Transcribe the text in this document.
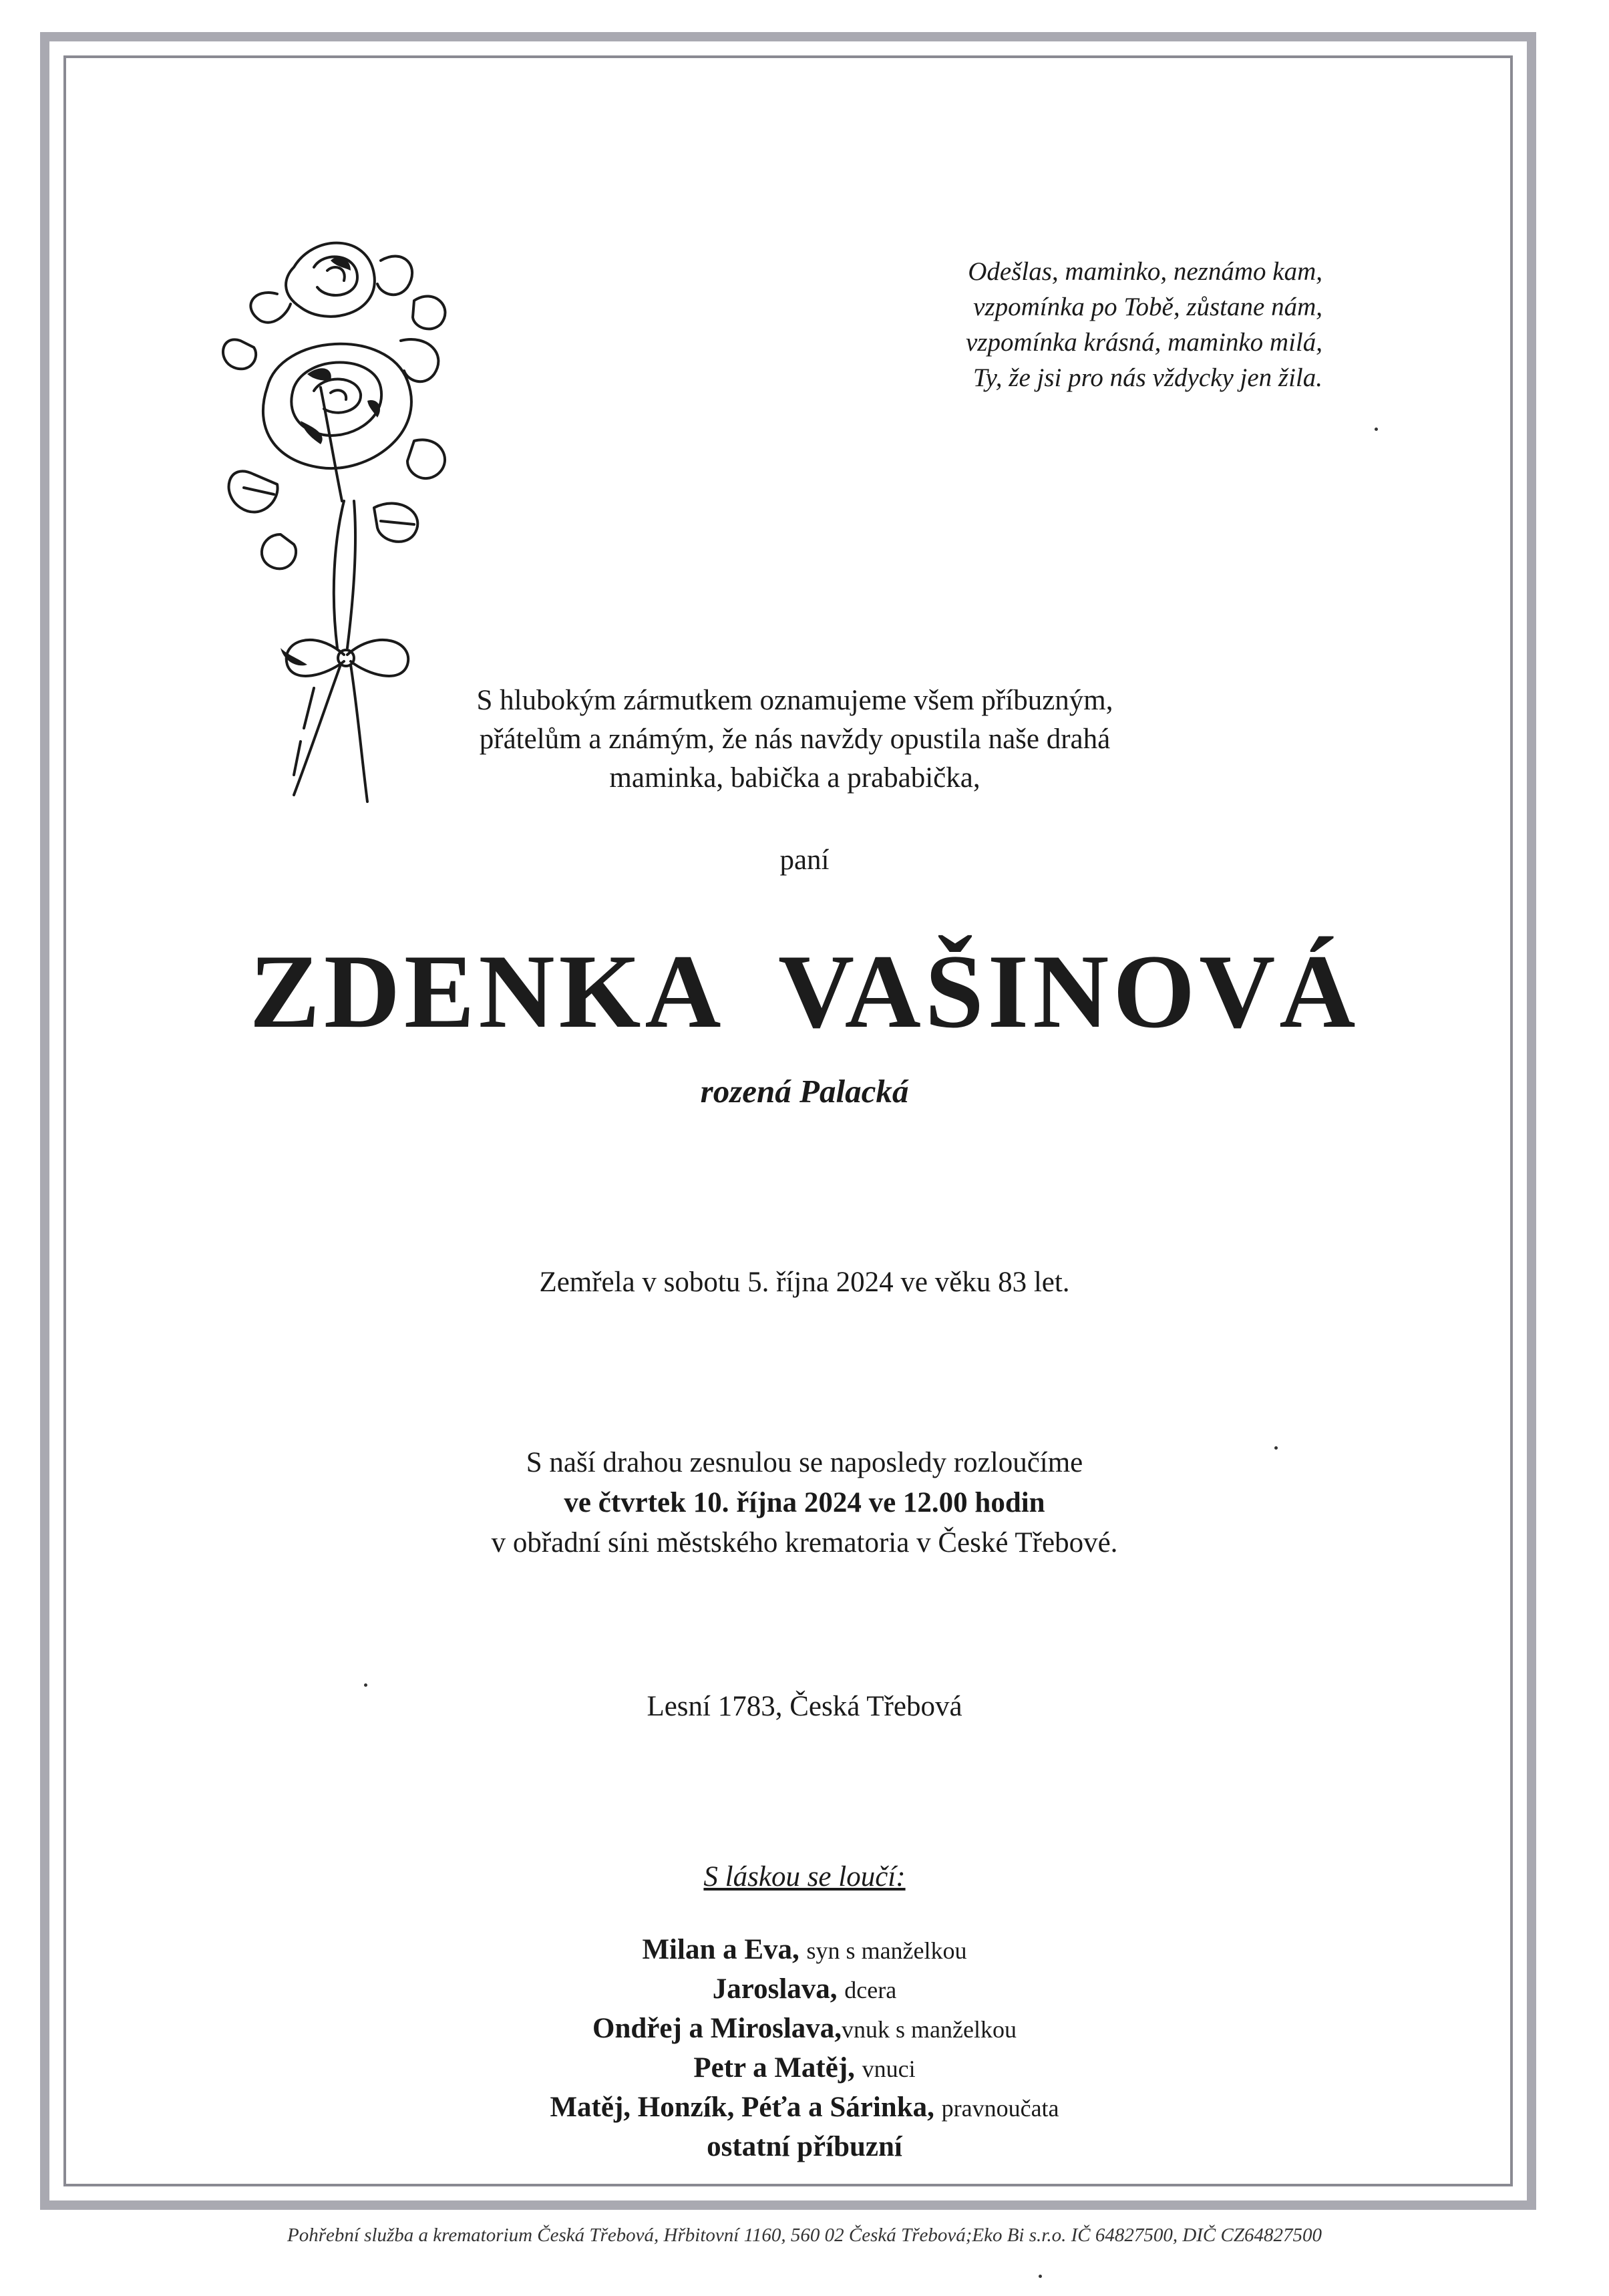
Odešlas, maminko, neznámo kam,
vzpomínka po Tobě, zůstane nám,
vzpomínka krásná, maminko milá,
Ty, že jsi pro nás vždycky jen žila.
S hlubokým zármutkem oznamujeme všem příbuzným,
přátelům a známým, že nás navždy opustila naše drahá
maminka, babička a prababička,
paní
ZDENKA  VAŠINOVÁ
rozená Palacká
Zemřela v sobotu 5. října 2024 ve věku 83 let.
S naší drahou zesnulou se naposledy rozloučíme
ve čtvrtek 10. října 2024 ve 12.00 hodin
v obřadní síni městského krematoria v České Třebové.
Lesní 1783, Česká Třebová
S láskou se loučí:
Milan a Eva, syn s manželkou
Jaroslava, dcera
Ondřej a Miroslava,vnuk s manželkou
Petr a Matěj, vnuci
Matěj, Honzík, Péťa a Sárinka, pravnoučata
ostatní příbuzní
Pohřební služba a krematorium Česká Třebová, Hřbitovní 1160, 560 02 Česká Třebová;Eko Bi s.r.o. IČ 64827500, DIČ CZ64827500
